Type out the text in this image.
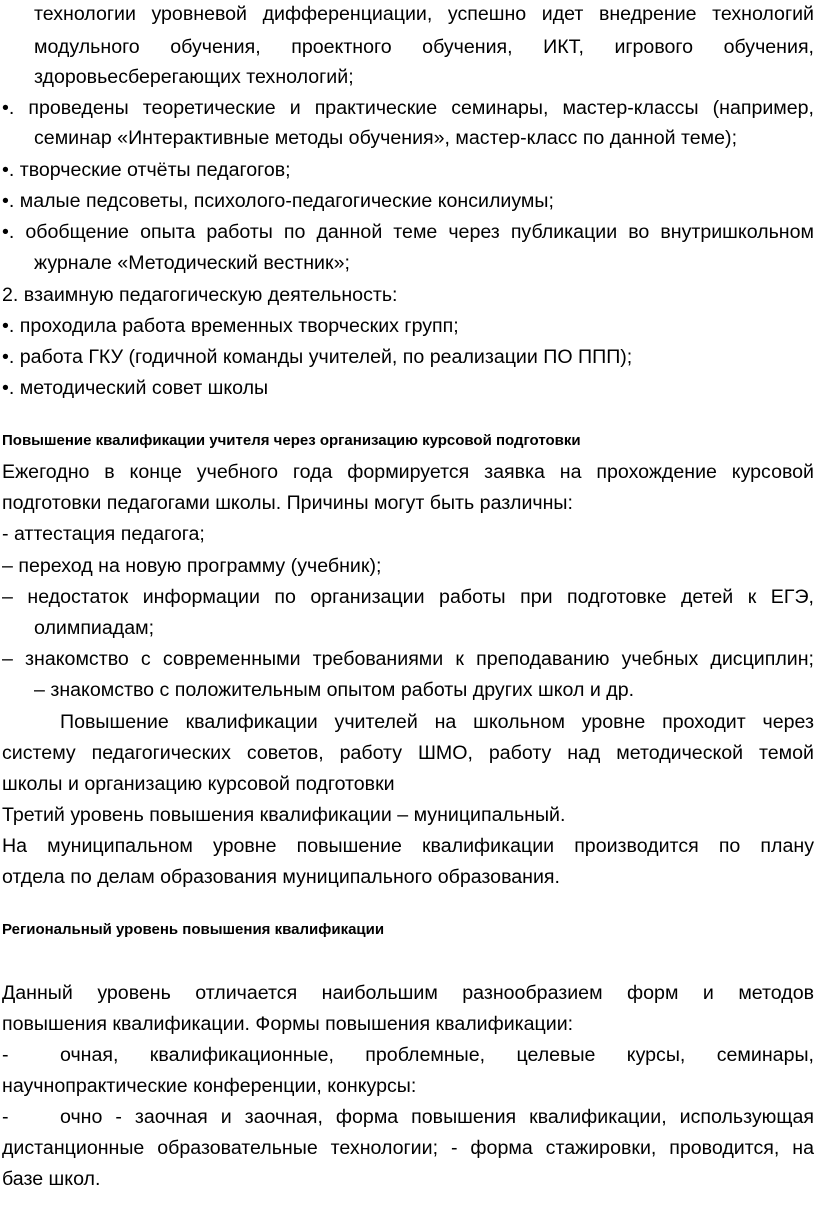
технологии уровневой дифференциации, успешно идет внедрение технологий
модульного обучения, проектного обучения, ИКТ, игрового обучения,
здоровьесберегающих технологий;
•. проведены теоретические и практические семинары, мастер-классы (например,
семинар «Интерактивные методы обучения», мастер-класс по данной теме);
•. творческие отчёты педагогов;
•. малые педсоветы, психолого-педагогические консилиумы;
•. обобщение опыта работы по данной теме через публикации во внутришкольном
журнале «Методический вестник»;
2. взаимную педагогическую деятельность:
•. проходила работа временных творческих групп;
•. работа ГКУ (годичной команды учителей, по реализации ПО ППП);
•. методический совет школы
Повышение квалификации учителя через организацию курсовой подготовки
Ежегодно в конце учебного года формируется заявка на прохождение курсовой
подготовки педагогами школы. Причины могут быть различны:
- аттестация педагога;
– переход на новую программу (учебник);
– недостаток информации по организации работы при подготовке детей к ЕГЭ,
олимпиадам;
– знакомство с современными требованиями к преподаванию учебных дисциплин;
– знакомство с положительным опытом работы других школ и др.
Повышение квалификации учителей на школьном уровне проходит через
систему педагогических советов, работу ШМО, работу над методической темой
школы и организацию курсовой подготовки
Третий уровень повышения квалификации – муниципальный.
На муниципальном уровне повышение квалификации производится по плану
отдела по делам образования муниципального образования.
Региональный уровень повышения квалификации
Данный уровень отличается наибольшим разнообразием форм и методов
повышения квалификации. Формы повышения квалификации:
-	очная, квалификационные, проблемные, целевые курсы, семинары,
научнопрактические конференции, конкурсы:
-	очно - заочная и заочная, форма повышения квалификации, использующая
дистанционные образовательные технологии; - форма стажировки, проводится, на
базе школ.
